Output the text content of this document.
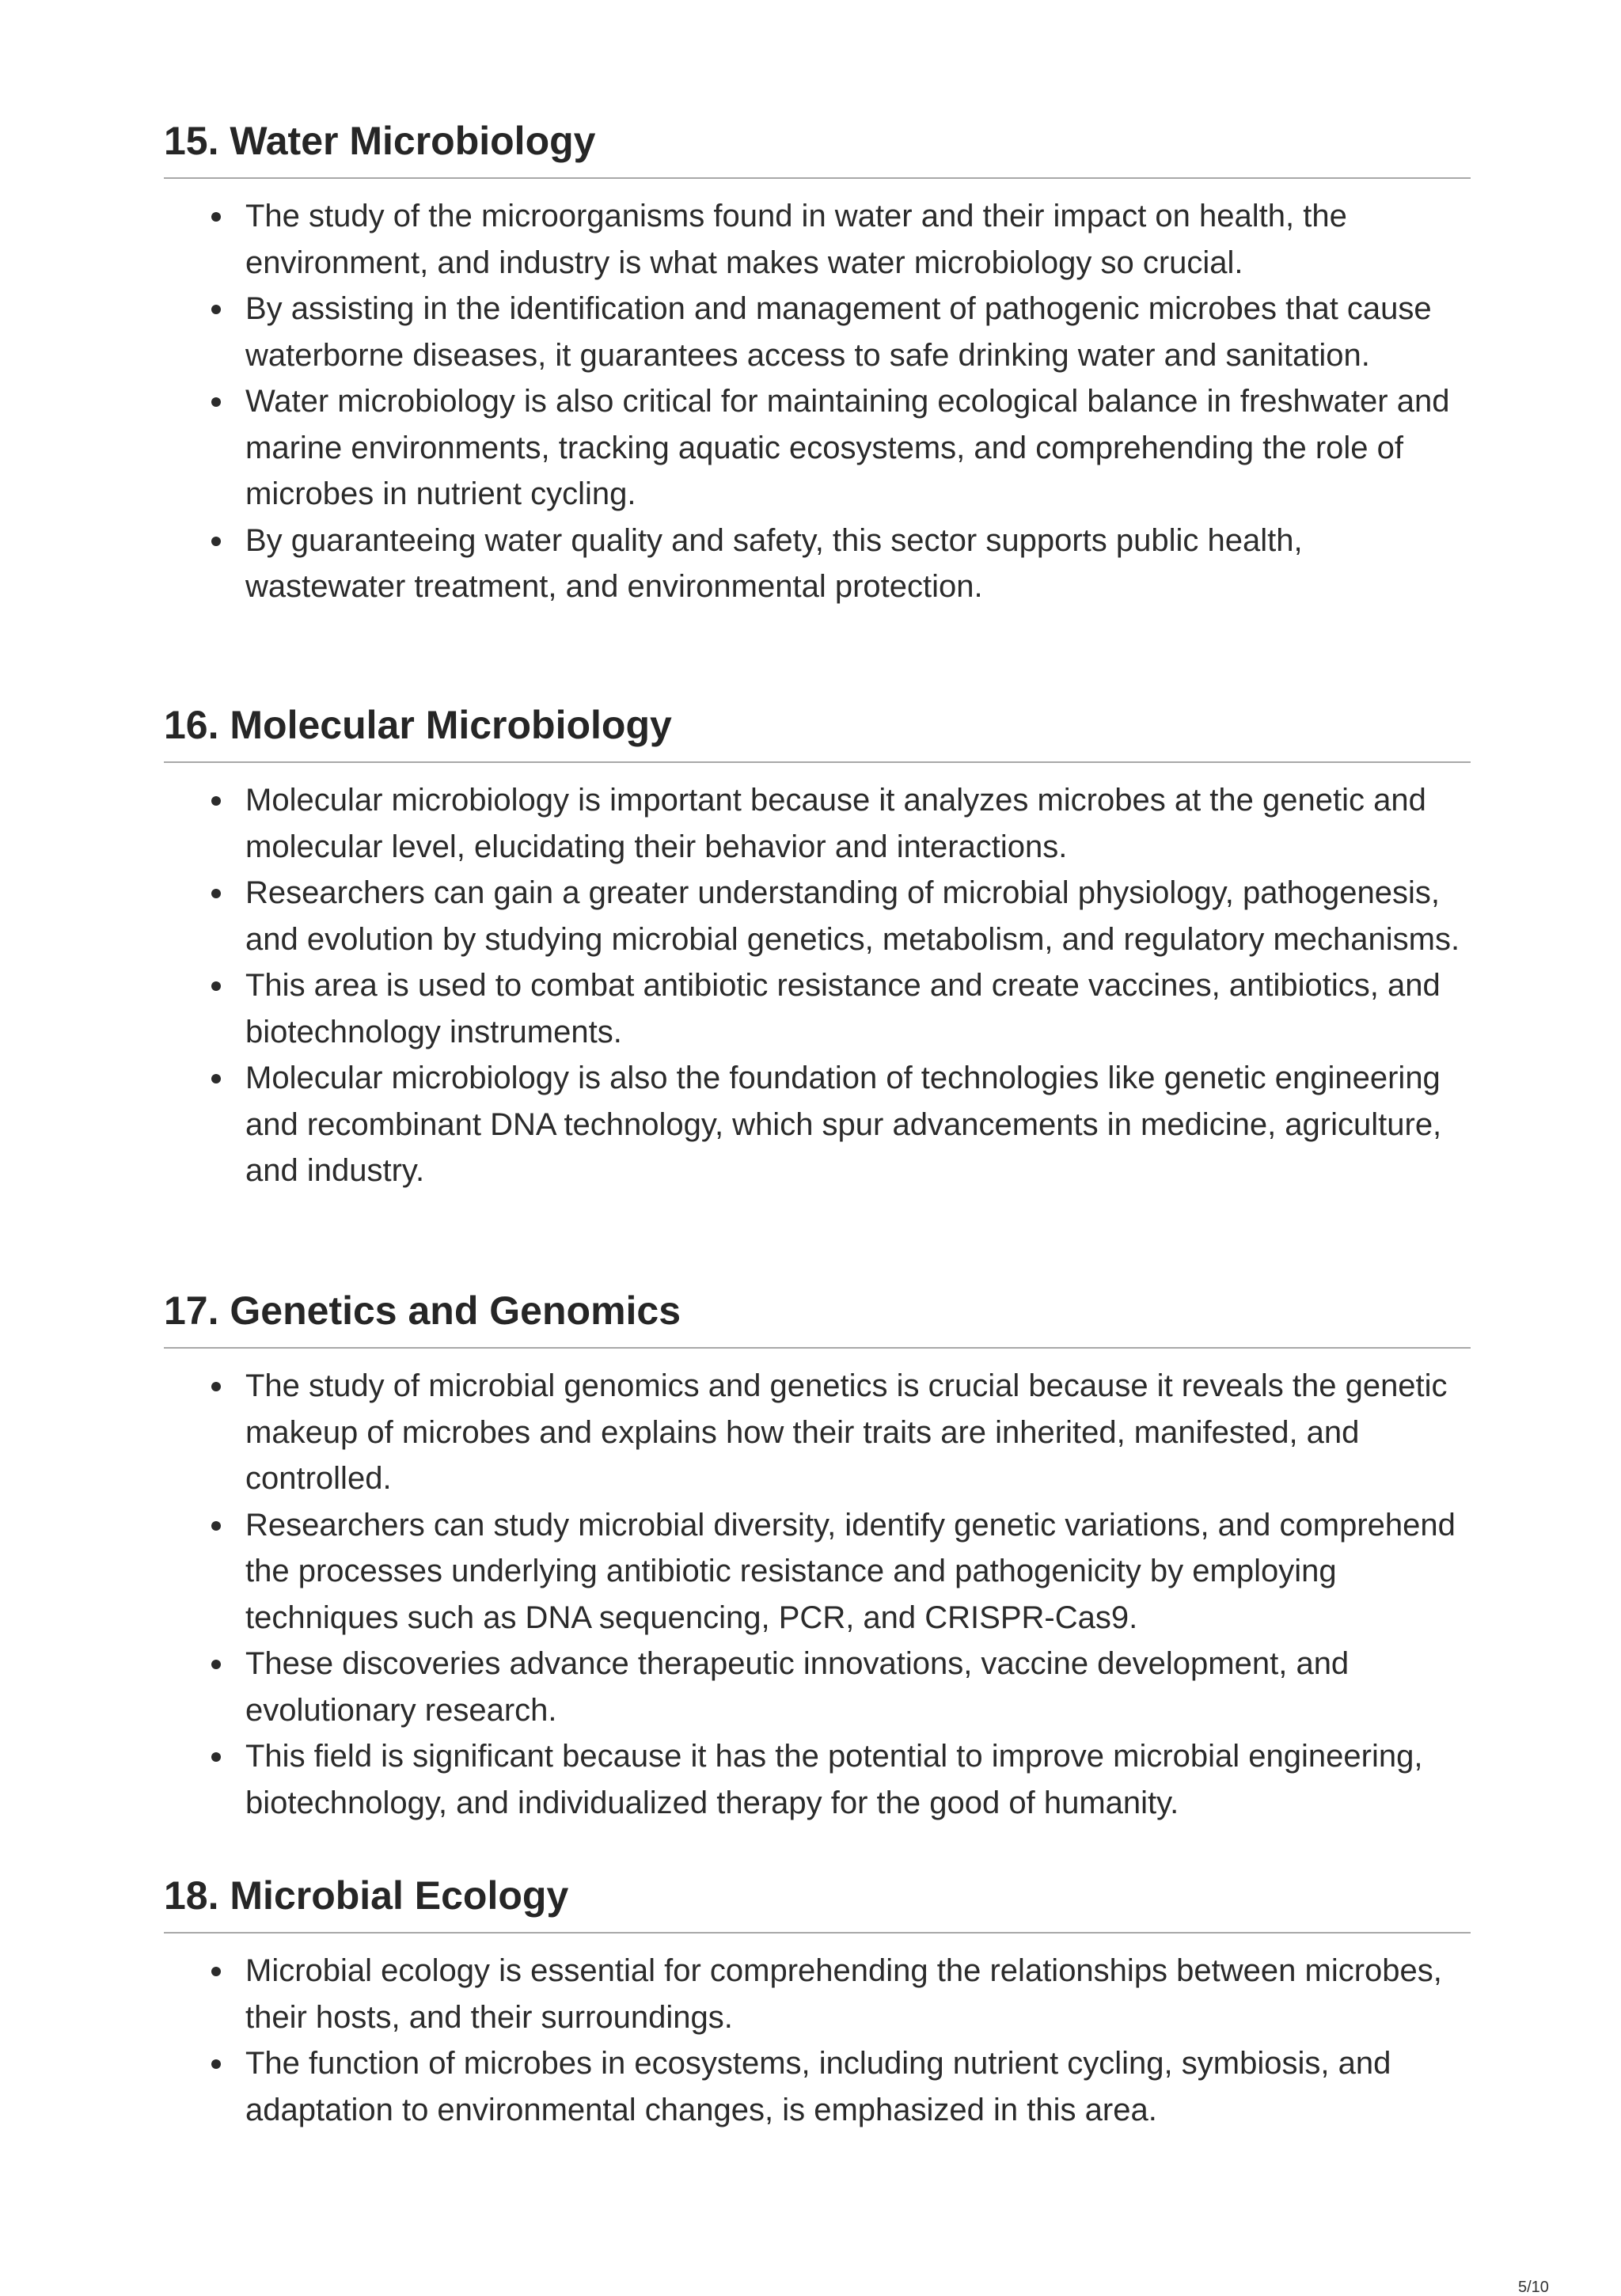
15. Water Microbiology
The study of the microorganisms found in water and their impact on health, the environment, and industry is what makes water microbiology so crucial.
By assisting in the identification and management of pathogenic microbes that cause waterborne diseases, it guarantees access to safe drinking water and sanitation.
Water microbiology is also critical for maintaining ecological balance in freshwater and marine environments, tracking aquatic ecosystems, and comprehending the role of microbes in nutrient cycling.
By guaranteeing water quality and safety, this sector supports public health, wastewater treatment, and environmental protection.
16. Molecular Microbiology
Molecular microbiology is important because it analyzes microbes at the genetic and molecular level, elucidating their behavior and interactions.
Researchers can gain a greater understanding of microbial physiology, pathogenesis, and evolution by studying microbial genetics, metabolism, and regulatory mechanisms.
This area is used to combat antibiotic resistance and create vaccines, antibiotics, and biotechnology instruments.
Molecular microbiology is also the foundation of technologies like genetic engineering and recombinant DNA technology, which spur advancements in medicine, agriculture, and industry.
17. Genetics and Genomics
The study of microbial genomics and genetics is crucial because it reveals the genetic makeup of microbes and explains how their traits are inherited, manifested, and controlled.
Researchers can study microbial diversity, identify genetic variations, and comprehend the processes underlying antibiotic resistance and pathogenicity by employing techniques such as DNA sequencing, PCR, and CRISPR-Cas9.
These discoveries advance therapeutic innovations, vaccine development, and evolutionary research.
This field is significant because it has the potential to improve microbial engineering, biotechnology, and individualized therapy for the good of humanity.
18. Microbial Ecology
Microbial ecology is essential for comprehending the relationships between microbes, their hosts, and their surroundings.
The function of microbes in ecosystems, including nutrient cycling, symbiosis, and adaptation to environmental changes, is emphasized in this area.
5/10
